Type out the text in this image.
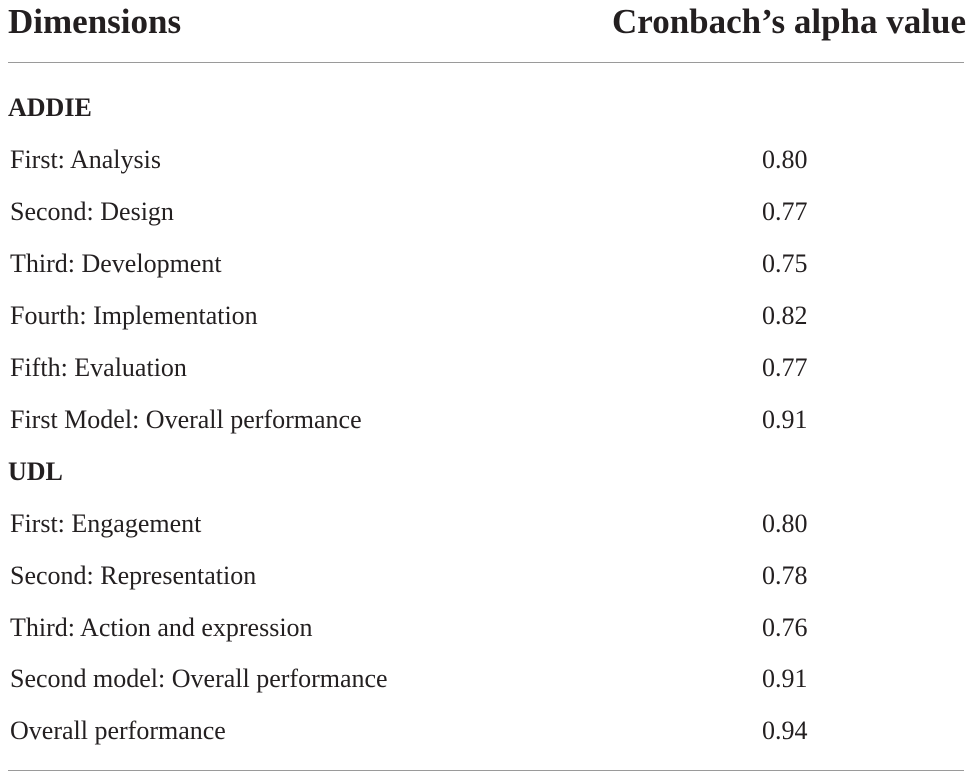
Dimensions	Cronbach’s alpha value
ADDIE
First: Analysis	0.80
Second: Design	0.77
Third: Development	0.75
Fourth: Implementation	0.82
Fifth: Evaluation	0.77
First Model: Overall performance	0.91
UDL
First: Engagement	0.80
Second: Representation	0.78
Third: Action and expression	0.76
Second model: Overall performance	0.91
Overall performance	0.94
